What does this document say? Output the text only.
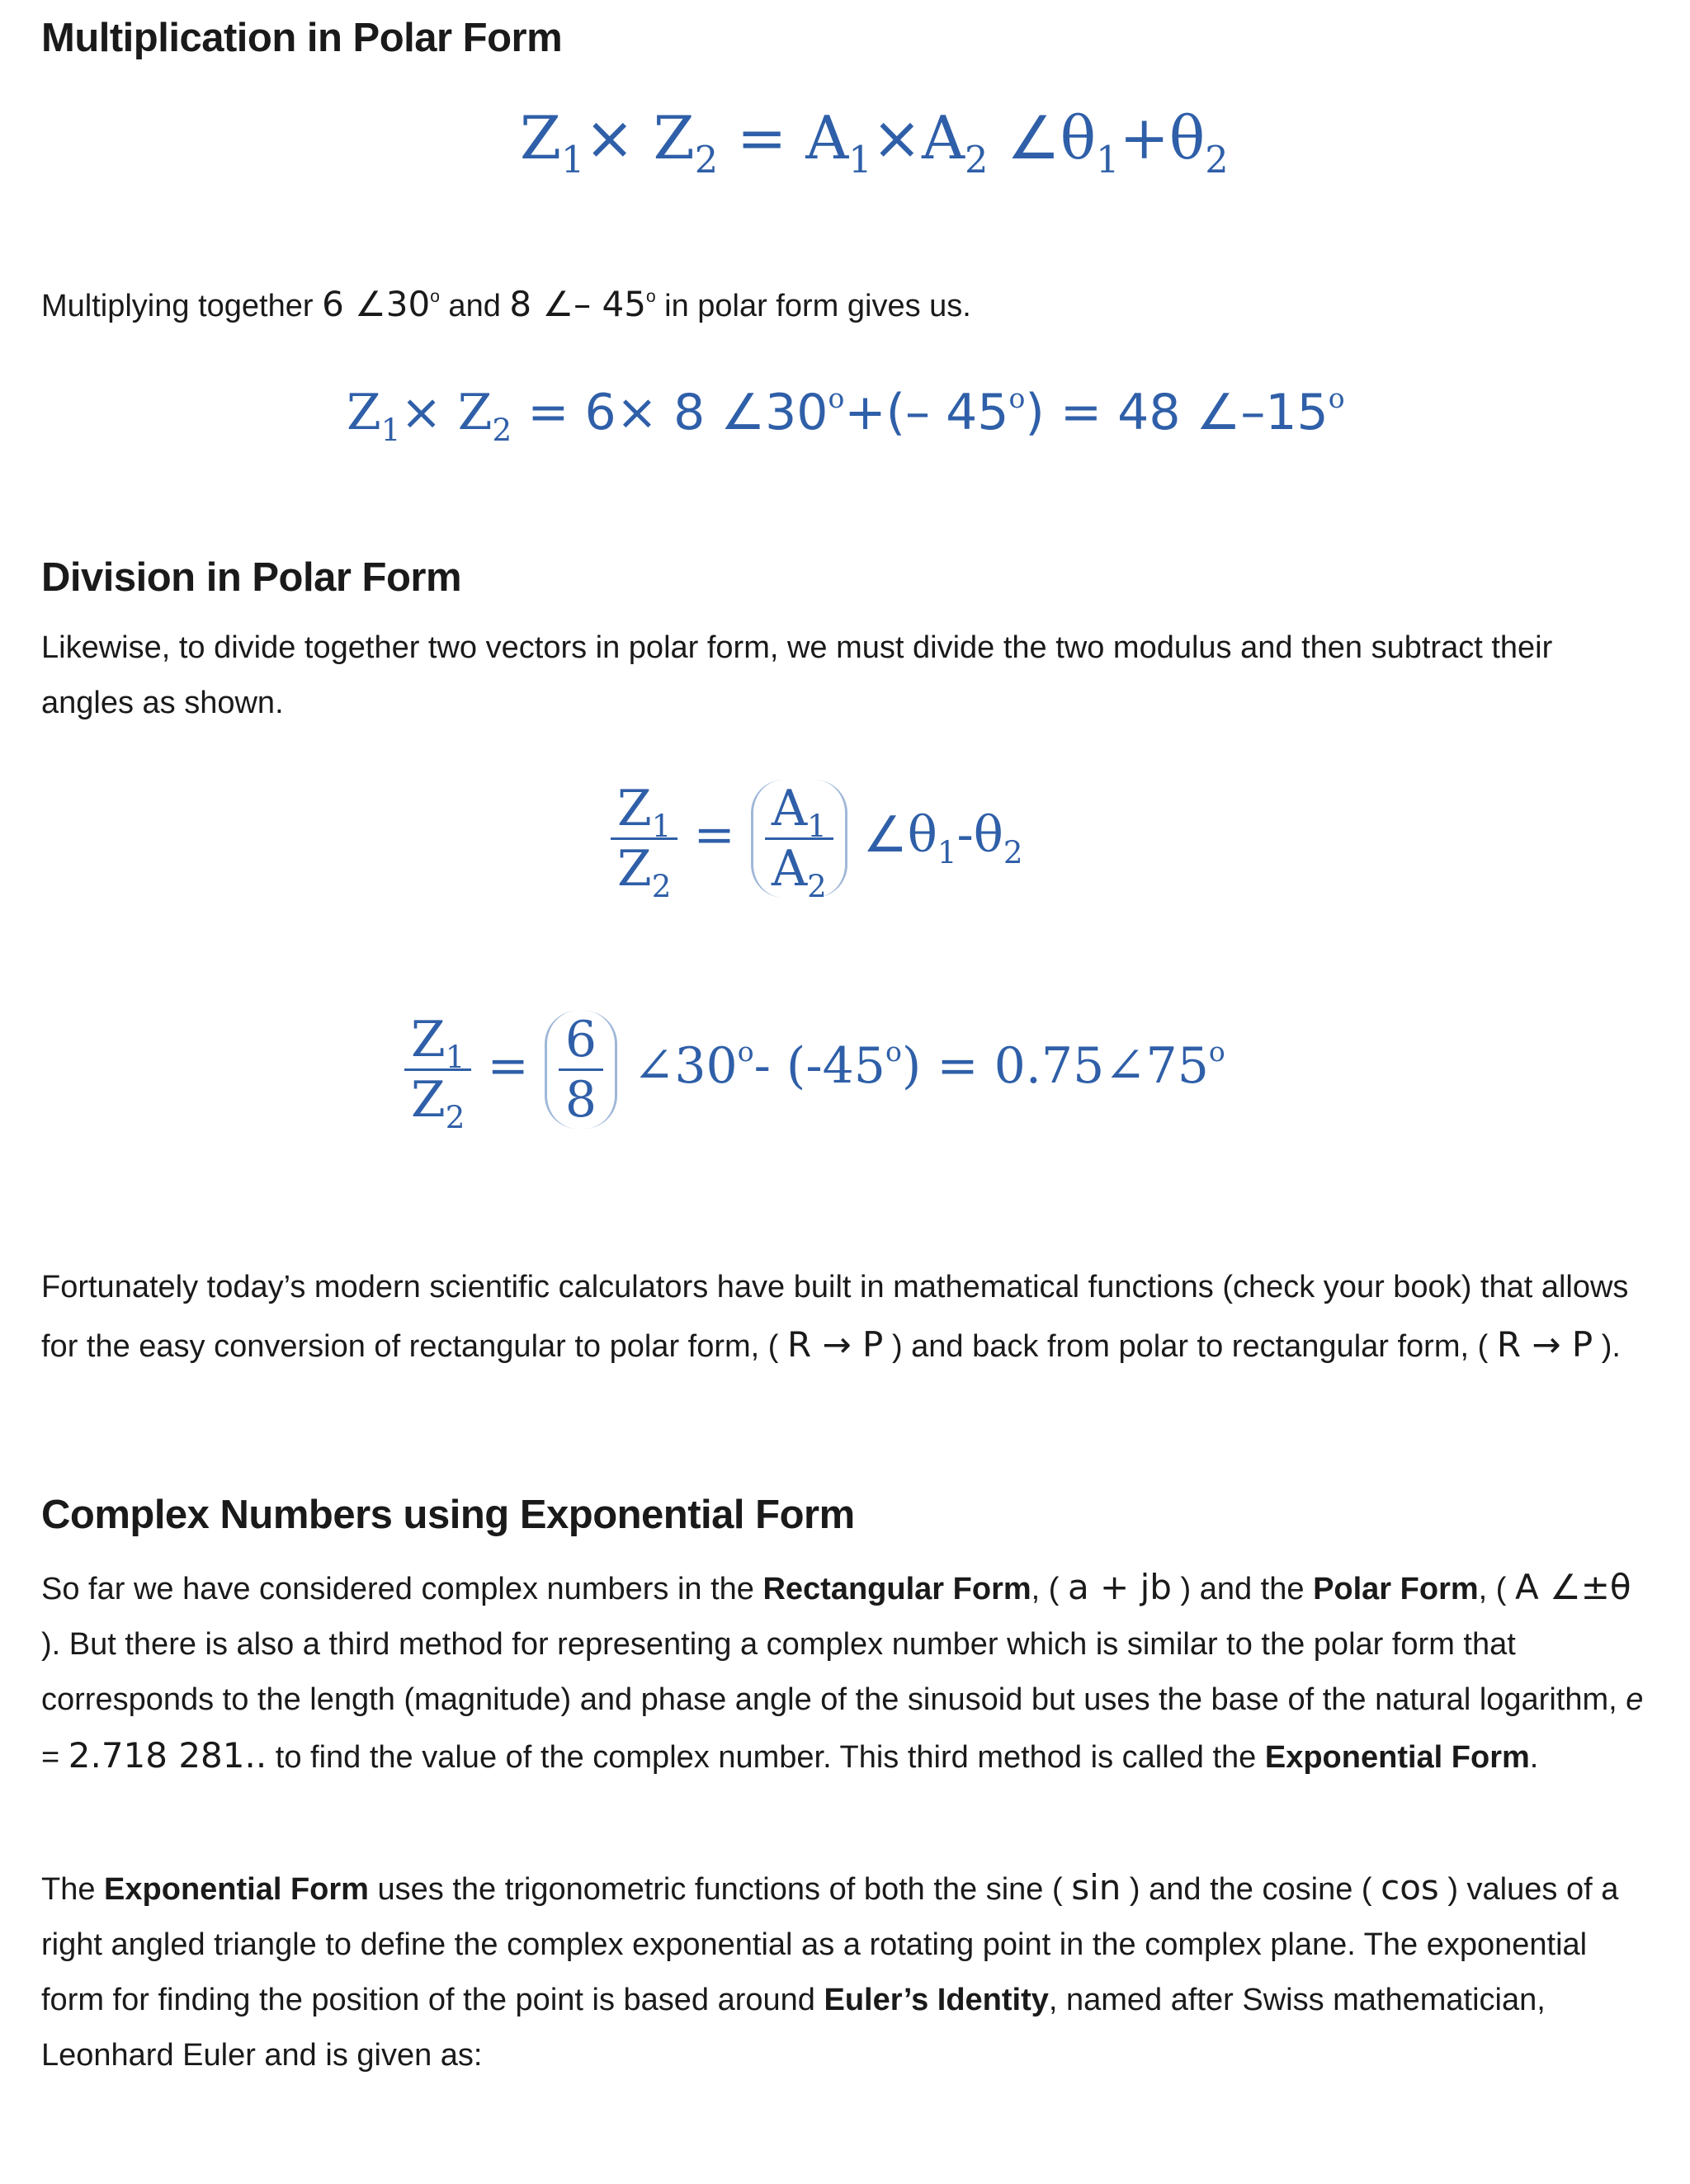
Multiplication in Polar Form
$Z_1\times Z_2 = A_1\times A_2$ $\angle\theta_1+\theta_2$

Multiplying together 6 ∠30$^o$ and 8 ∠– 45$^o$ in polar form gives us.

$Z_1\times Z_2 = 6\times 8$ $\angle 30^o+(-$ $45^o) = 48$ ∠–15$^o$
Division in Polar Form

Likewise, to divide together two vectors in polar form, we must divide the two modulus and then subtract their angles as shown.

$\frac{Z_1}{Z_2} = \frac{A_1}{A_2}$ $\angle\theta_1-\theta_2$
$\frac{Z_1}{Z_2} = \frac{6}{8}$ ∠30$^o$- $(-45^o)$ = $0.75\angle 75^o$

Fortunately today’s modern scientific calculators have built in mathematical functions (check your book) that allows for the easy conversion of rectangular to polar form, ( R → P ) and back from polar to rectangular form, ( R → P ).

Complex Numbers using Exponential Form

So far we have considered complex numbers in the Rectangular Form, ( a + jb ) and the Polar Form, ( A ∠±θ ). But there is also a third method for representing a complex number which is similar to the polar form that corresponds to the length (magnitude) and phase angle of the sinusoid but uses the base of the natural logarithm, e = 2.718 281.. to find the value of the complex number. This third method is called the Exponential Form.

The Exponential Form uses the trigonometric functions of both the sine ( sin ) and the cosine ( cos ) values of a right angled triangle to define the complex exponential as a rotating point in the complex plane. The exponential form for finding the position of the point is based around Euler’s Identity, named after Swiss mathematician, Leonhard Euler and is given as:
